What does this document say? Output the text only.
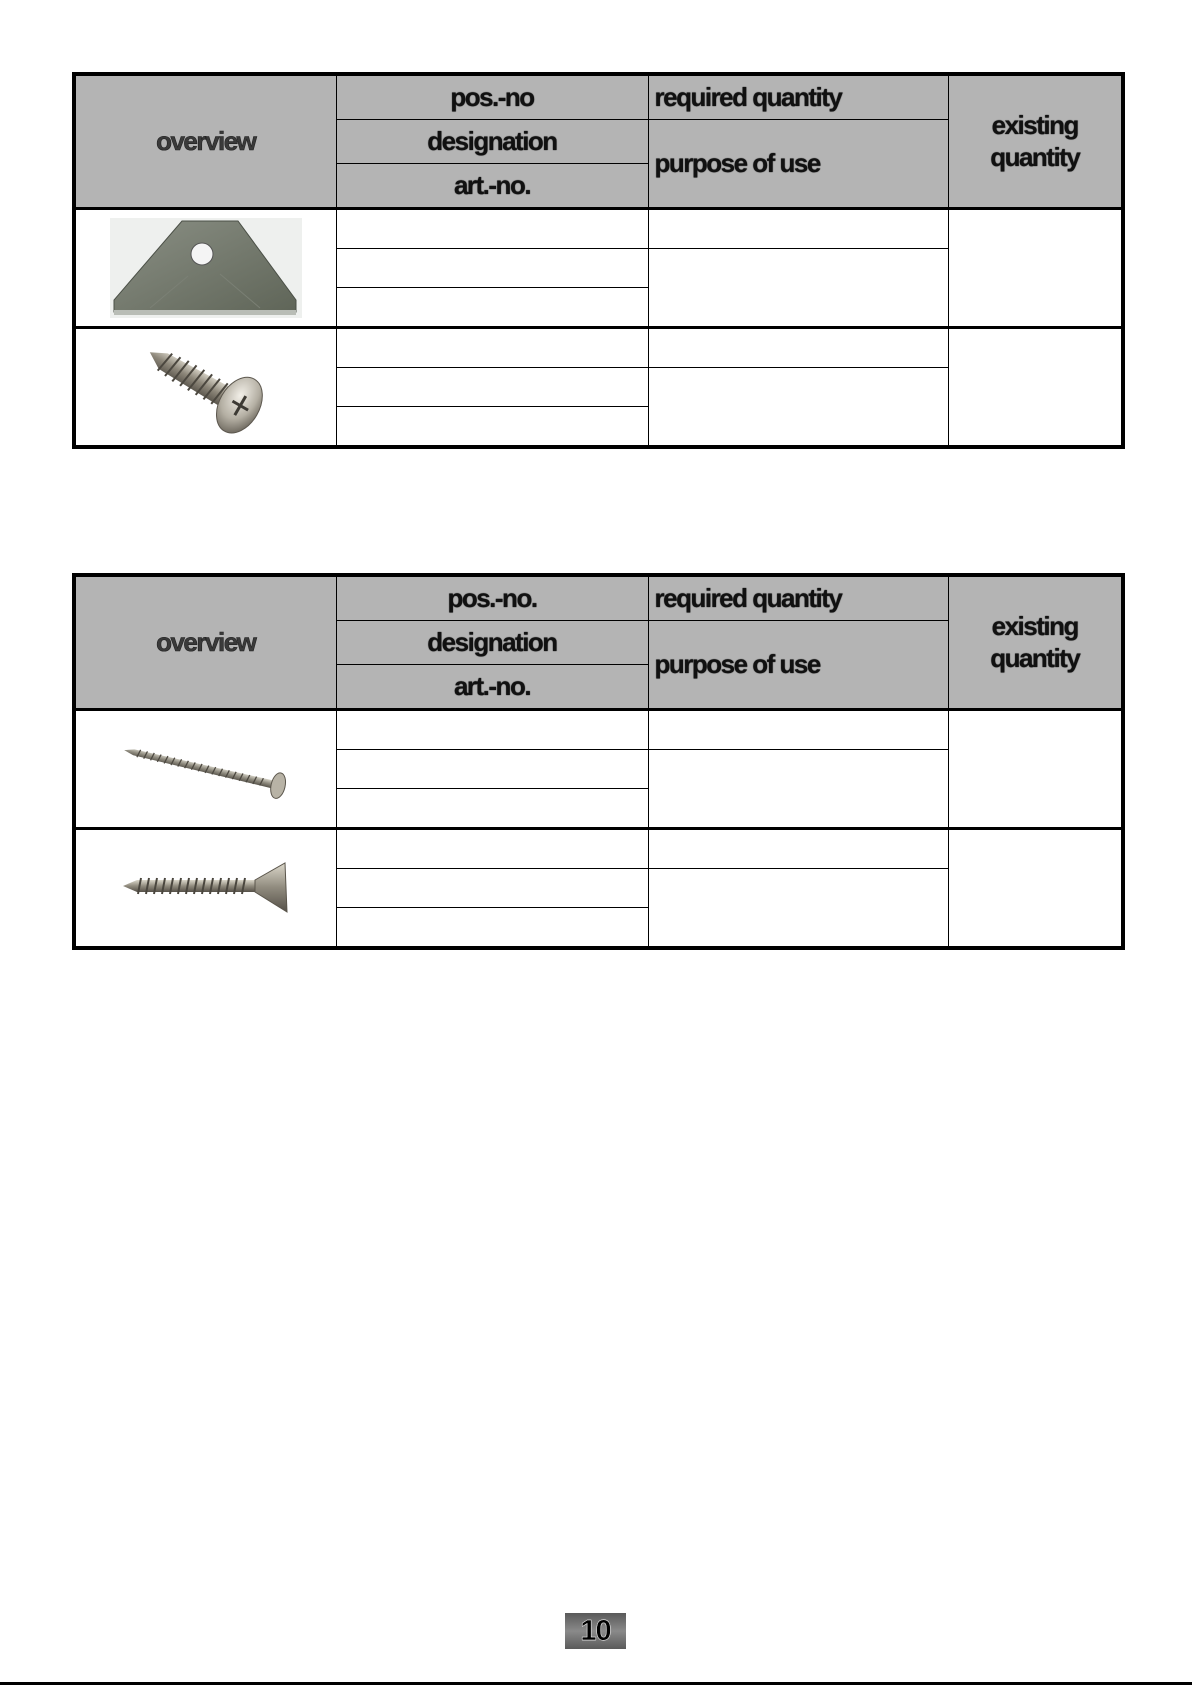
overview	pos.-no	required quantity	existing quantity
	designation	purpose of use	
	art.-no.		

overview	pos.-no.	required quantity	existing quantity
	designation	purpose of use	
	art.-no.		

10
